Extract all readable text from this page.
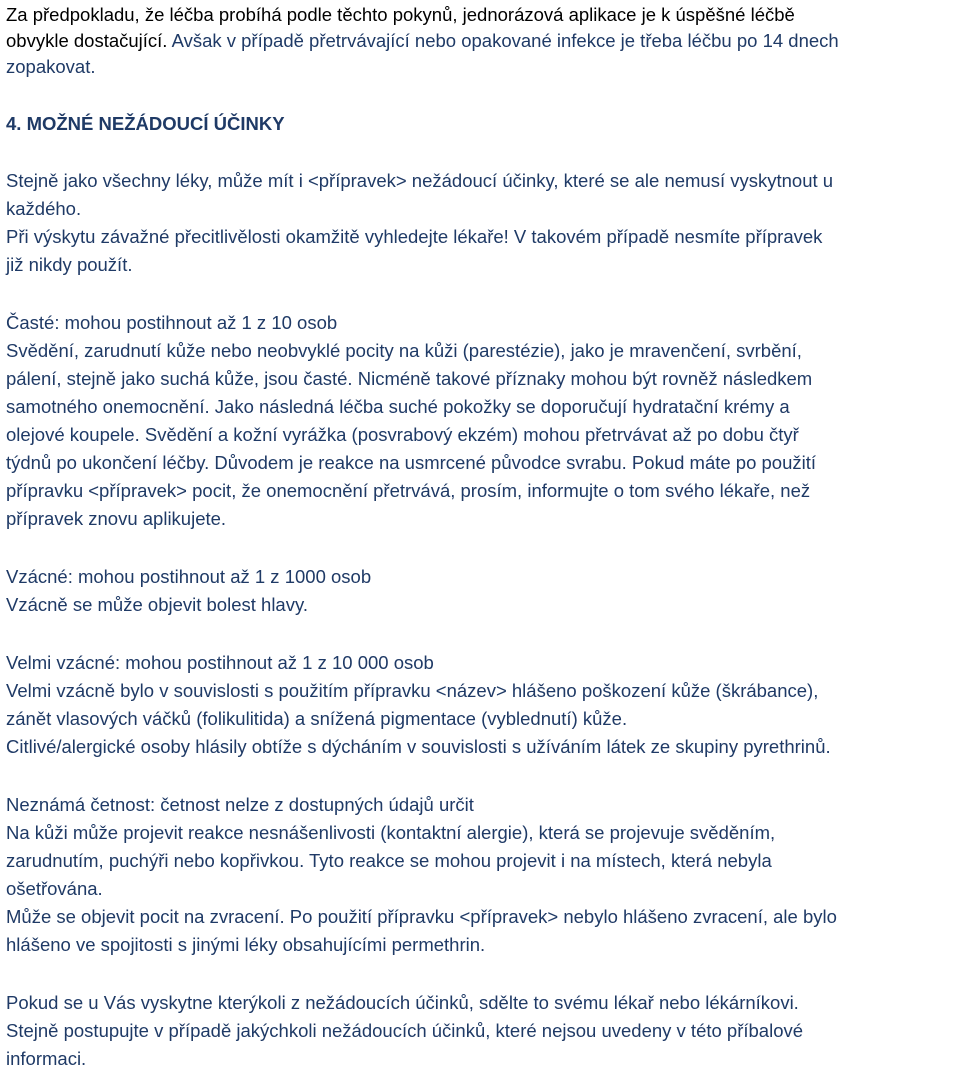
Za předpokladu, že léčba probíhá podle těchto pokynů, jednorázová aplikace je k úspěšné léčbě
obvykle dostačující. Avšak v případě přetrvávající nebo opakované infekce je třeba léčbu po 14 dnech
zopakovat.
4. MOŽNÉ NEŽÁDOUCÍ ÚČINKY
Stejně jako všechny léky, může mít i <přípravek> nežádoucí účinky, které se ale nemusí vyskytnout u
každého.
Při výskytu závažné přecitlivělosti okamžitě vyhledejte lékaře! V takovém případě nesmíte přípravek
již nikdy použít.
Časté: mohou postihnout až 1 z 10 osob
Svědění, zarudnutí kůže nebo neobvyklé pocity na kůži (parestézie), jako je mravenčení, svrbění,
pálení, stejně jako suchá kůže, jsou časté. Nicméně takové příznaky mohou být rovněž následkem
samotného onemocnění. Jako následná léčba suché pokožky se doporučují hydratační krémy a
olejové koupele. Svědění a kožní vyrážka (posvrabový ekzém) mohou přetrvávat až po dobu čtyř
týdnů po ukončení léčby. Důvodem je reakce na usmrcené původce svrabu. Pokud máte po použití
přípravku <přípravek> pocit, že onemocnění přetrvává, prosím, informujte o tom svého lékaře, než
přípravek znovu aplikujete.
Vzácné: mohou postihnout až 1 z 1000 osob
Vzácně se může objevit bolest hlavy.
Velmi vzácné: mohou postihnout až 1 z 10 000 osob
Velmi vzácně bylo v souvislosti s použitím přípravku <název> hlášeno poškození kůže (škrábance),
zánět vlasových váčků (folikulitida) a snížená pigmentace (vyblednutí) kůže.
Citlivé/alergické osoby hlásily obtíže s dýcháním v souvislosti s užíváním látek ze skupiny pyrethrinů.
Neznámá četnost: četnost nelze z dostupných údajů určit
Na kůži může projevit reakce nesnášenlivosti (kontaktní alergie), která se projevuje svěděním,
zarudnutím, puchýři nebo kopřivkou. Tyto reakce se mohou projevit i na místech, která nebyla
ošetřována.
Může se objevit pocit na zvracení. Po použití přípravku <přípravek> nebylo hlášeno zvracení, ale bylo
hlášeno ve spojitosti s jinými léky obsahujícími permethrin.
Pokud se u Vás vyskytne kterýkoli z nežádoucích účinků, sdělte to svému lékař nebo lékárníkovi.
Stejně postupujte v případě jakýchkoli nežádoucích účinků, které nejsou uvedeny v této příbalové
informaci.
